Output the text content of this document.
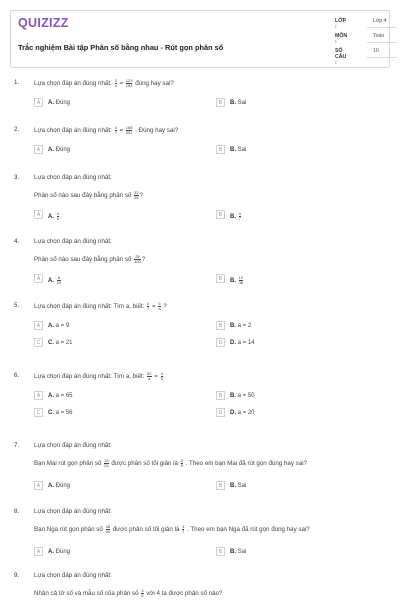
QUIZIZZ
Trắc nghiệm Bài tập Phân số bằng nhau - Rút gọn phân số
LỚP :
Lớp 4
MÔN :
Toán
SỐ CÂU :
10
1. Lựa chọn đáp án đúng nhất: $\frac{3}{4} = \frac{123}{164}$ đúng hay sai?
A	A. Đúng	B	B. Sai
2. Lựa chọn đáp án đúng nhất: $\frac{3}{7} = \frac{168}{392}$ . Đúng hay sai?
A	A. Đúng	B	B. Sai
3. Lựa chọn đáp án đúng nhất:
Phân số nào sau đây bằng phân số $\frac{32}{56}$ ?
A	A. $\frac{4}{8}$	B	B. $\frac{4}{7}$
4. Lựa chọn đáp án đúng nhất:
Phân số nào sau đây bằng phân số $\frac{25}{100}$ ?
A	A. $\frac{6}{24}$	B	B. $\frac{12}{36}$
5. Lựa chọn đáp án đúng nhất: Tìm a, biết: $\frac{2}{7} = \frac{6}{a}$ ?
A	A. a = 9	B	B. a = 2
C	C. a = 21	D	D. a = 14
6. Lựa chọn đáp án đúng nhất: Tìm a, biết: $\frac{52}{a} = \frac{4}{5}$
A	A. a = 65	B	B. a = 50
C	C. a = 56	D	D. a = 20
7. Lựa chọn đáp án đúng nhất:
Bạn Mai rút gọn phân số $\frac{15}{25}$ được phân số tối giản là $\frac{3}{5}$ . Theo em bạn Mai đã rút gọn đúng hay sai?
A	A. Đúng	B	B. Sai
8. Lựa chọn đáp án đúng nhất:
Bạn Nga rút gọn phân số $\frac{48}{60}$ được phân số tối giản là $\frac{4}{7}$ . Theo em bạn Nga đã rút gọn đúng hay sai?
A	A. Đúng	B	B. Sai
9. Lựa chọn đáp án đúng nhất:
Nhân cả tử số và mẫu số của phân số $\frac{3}{5}$ với 4 ta được phân số nào?
